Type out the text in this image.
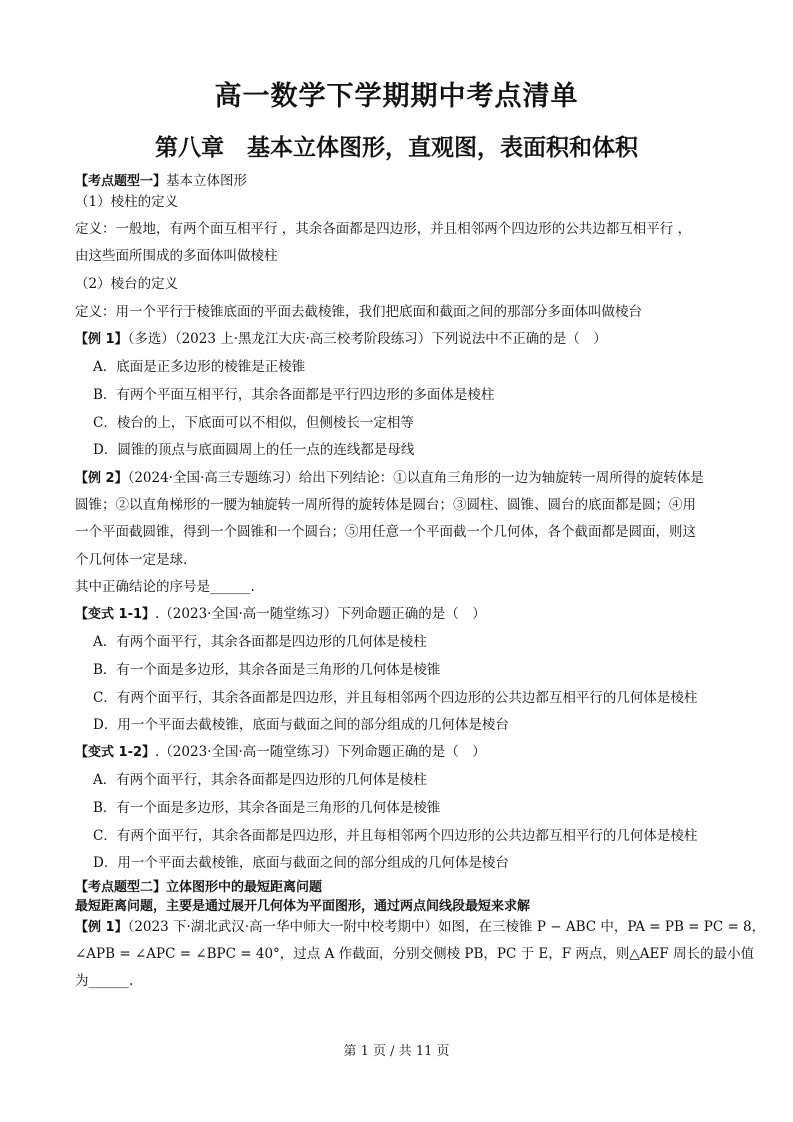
高一数学下学期期中考点清单
第八章　基本立体图形，直观图，表面积和体积
【考点题型一】基本立体图形
（1）棱柱的定义
定义：一般地，有两个面互相平行 ，其余各面都是四边形，并且相邻两个四边形的公共边都互相平行 ，
由这些面所围成的多面体叫做棱柱
（2）棱台的定义
定义：用一个平行于棱锥底面的平面去截棱锥，我们把底面和截面之间的那部分多面体叫做棱台
【例 1】（多选）（2023 上·黑龙江大庆·高三校考阶段练习）下列说法中不正确的是（　）
A．底面是正多边形的棱锥是正棱锥
B．有两个平面互相平行，其余各面都是平行四边形的多面体是棱柱
C．棱台的上，下底面可以不相似，但侧棱长一定相等
D．圆锥的顶点与底面圆周上的任一点的连线都是母线
【例 2】（2024·全国·高三专题练习）给出下列结论：①以直角三角形的一边为轴旋转一周所得的旋转体是
圆锥；②以直角梯形的一腰为轴旋转一周所得的旋转体是圆台；③圆柱、圆锥、圆台的底面都是圆；④用
一个平面截圆锥，得到一个圆锥和一个圆台；⑤用任意一个平面截一个几何体，各个截面都是圆面，则这
个几何体一定是球.
其中正确结论的序号是______.
【变式 1-1】.（2023·全国·高一随堂练习）下列命题正确的是（　）
A．有两个面平行，其余各面都是四边形的几何体是棱柱
B．有一个面是多边形，其余各面是三角形的几何体是棱锥
C．有两个面平行，其余各面都是四边形，并且每相邻两个四边形的公共边都互相平行的几何体是棱柱
D．用一个平面去截棱锥，底面与截面之间的部分组成的几何体是棱台
【变式 1-2】.（2023·全国·高一随堂练习）下列命题正确的是（　）
A．有两个面平行，其余各面都是四边形的几何体是棱柱
B．有一个面是多边形，其余各面是三角形的几何体是棱锥
C．有两个面平行，其余各面都是四边形，并且每相邻两个四边形的公共边都互相平行的几何体是棱柱
D．用一个平面去截棱锥，底面与截面之间的部分组成的几何体是棱台
【考点题型二】立体图形中的最短距离问题
最短距离问题，主要是通过展开几何体为平面图形，通过两点间线段最短来求解
【例 1】（2023 下·湖北武汉·高一华中师大一附中校考期中）如图，在三棱锥 P − ABC 中，PA = PB = PC = 8，
∠APB = ∠APC = ∠BPC = 40°，过点 A 作截面，分别交侧棱 PB，PC 于 E，F 两点，则△AEF 周长的最小值
为______.
第 1 页 / 共 11 页
